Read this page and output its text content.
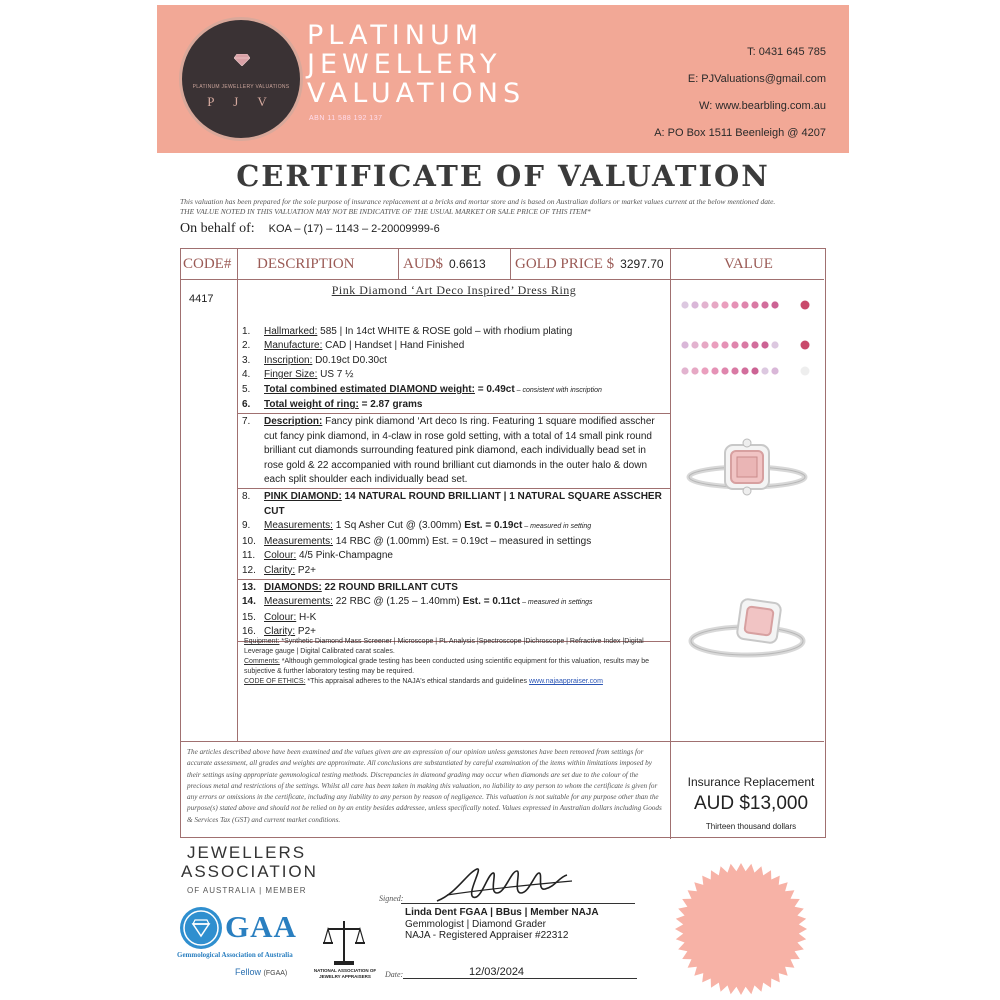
PLATINUM JEWELLERY VALUATIONS
P J V
PLATINUM
JEWELLERY
VALUATIONS
ABN 11 588 192 137
T: 0431 645 785
E: PJValuations@gmail.com
W: www.bearbling.com.au
A: PO Box 1511 Beenleigh @ 4207
CERTIFICATE OF VALUATION
This valuation has been prepared for the sole purpose of insurance replacement at a bricks and mortar store and is based on Australian dollars or market values current at the below mentioned date.
THE VALUE NOTED IN THIS VALUATION MAY NOT BE INDICATIVE OF THE USUAL MARKET OR SALE PRICE OF THIS ITEM*
On behalf of: KOA – (17) – 1143 – 2-20009999-6
CODE# DESCRIPTION	AUD$ 0.6613 GOLD PRICE $ 3297.70	VALUE
4417
Pink Diamond ‘Art Deco Inspired’ Dress Ring
1.	Hallmarked: 585 | In 14ct WHITE & ROSE gold – with rhodium plating
2.	Manufacture: CAD | Handset | Hand Finished
3.	Inscription: D0.19ct D0.30ct
4.	Finger Size: US 7 ½
5.	Total combined estimated DIAMOND weight: = 0.49ct – consistent with inscription
6.	Total weight of ring: = 2.87 grams
7.	Description: Fancy pink diamond ‘Art deco Is ring. Featuring 1 square modified asscher cut fancy pink diamond, in 4-claw in rose gold setting, with a total of 14 small pink round brilliant cut diamonds surrounding featured pink diamond, each individually bead set in rose gold & 22 accompanied with round brilliant cut diamonds in the outer halo & down each split shoulder each individually bead set.
8.	PINK DIAMOND: 14 NATURAL ROUND BRILLIANT | 1 NATURAL SQUARE ASSCHER CUT
9.	Measurements: 1 Sq Asher Cut @ (3.00mm) Est. = 0.19ct – measured in setting
10. Measurements: 14 RBC @ (1.00mm) Est. = 0.19ct – measured in settings
11. Colour: 4/5 Pink-Champagne
12. Clarity: P2+
13. DIAMONDS: 22 ROUND BRILLANT CUTS
14. Measurements: 22 RBC @ (1.25 – 1.40mm) Est. = 0.11ct – measured in settings
15. Colour: H-K
16. Clarity: P2+
Equipment: *Synthetic Diamond Mass Screener | Microscope | PL Analysis |Spectroscope |Dichroscope | Refractive Index |Digital Leverage gauge | Digital Calibrated carat scales.
Comments: *Although gemmological grade testing has been conducted using scientific equipment for this valuation, results may be subjective & further laboratory testing may be required.
CODE OF ETHICS: *This appraisal adheres to the NAJA's ethical standards and guidelines www.najaappraiser.com
The articles described above have been examined and the values given are an expression of our opinion unless gemstones have been removed from settings for accurate assessment, all grades and weights are approximate. All conclusions are substantiated by careful examination of the items within limitations imposed by their settings using appropriate gemmological testing methods. Discrepancies in diamond grading may occur when diamonds are set due to the colour of the precious metal and restrictions of the settings. Whilst all care has been taken in making this valuation, no liability to any person to whom the certificate is given for any errors or omissions in the certificate, including any liability to any person by reason of negligence. This valuation is not suitable for any purpose other than the purpose(s) stated above and should not be relied on by an entity besides addressee, unless specifically noted. Values expressed in Australian dollars including Goods & Services Tax (GST) and current market conditions.
Insurance Replacement
AUD $13,000
Thirteen thousand dollars
JEWELLERS
ASSOCIATION
OF AUSTRALIA | MEMBER
GAA
Gemmological Association of Australia
Fellow (FGAA)	NATIONAL ASSOCIATION OF JEWELRY APPRAISERS
Signed:
Linda Dent FGAA | BBus | Member NAJA
Gemmologist | Diamond Grader
NAJA - Registered Appraiser #22312
Date:	12/03/2024
